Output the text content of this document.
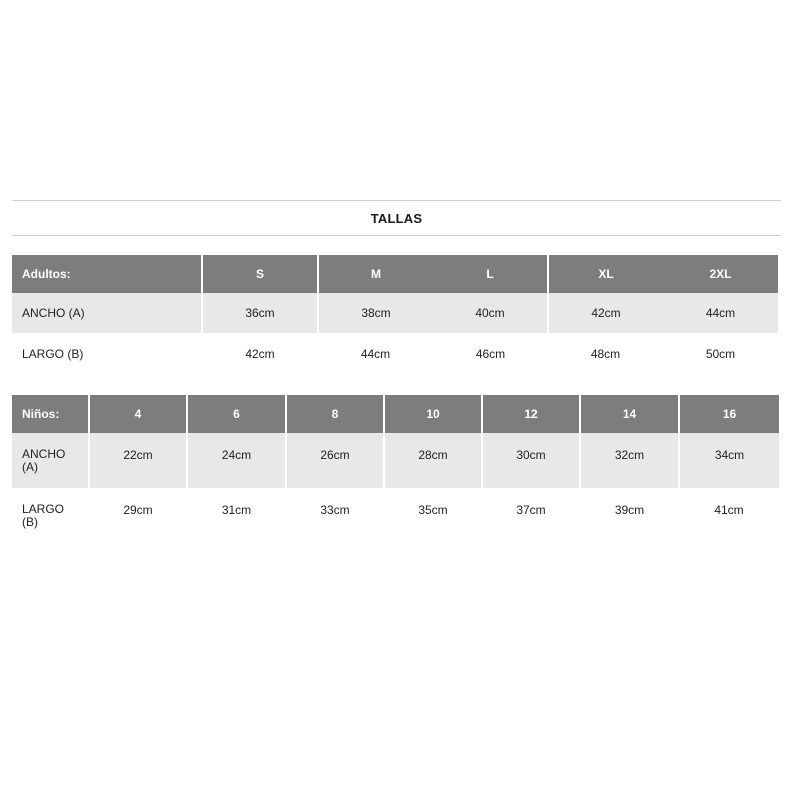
TALLAS
Adultos:	S	M	L	XL	2XL
ANCHO (A)	36cm	38cm	40cm	42cm	44cm
LARGO (B)	42cm	44cm	46cm	48cm	50cm
Niños:	4	6	8	10	12	14	16
ANCHO
(A)	22cm	24cm	26cm	28cm	30cm	32cm	34cm
LARGO
(B)	29cm	31cm	33cm	35cm	37cm	39cm	41cm
